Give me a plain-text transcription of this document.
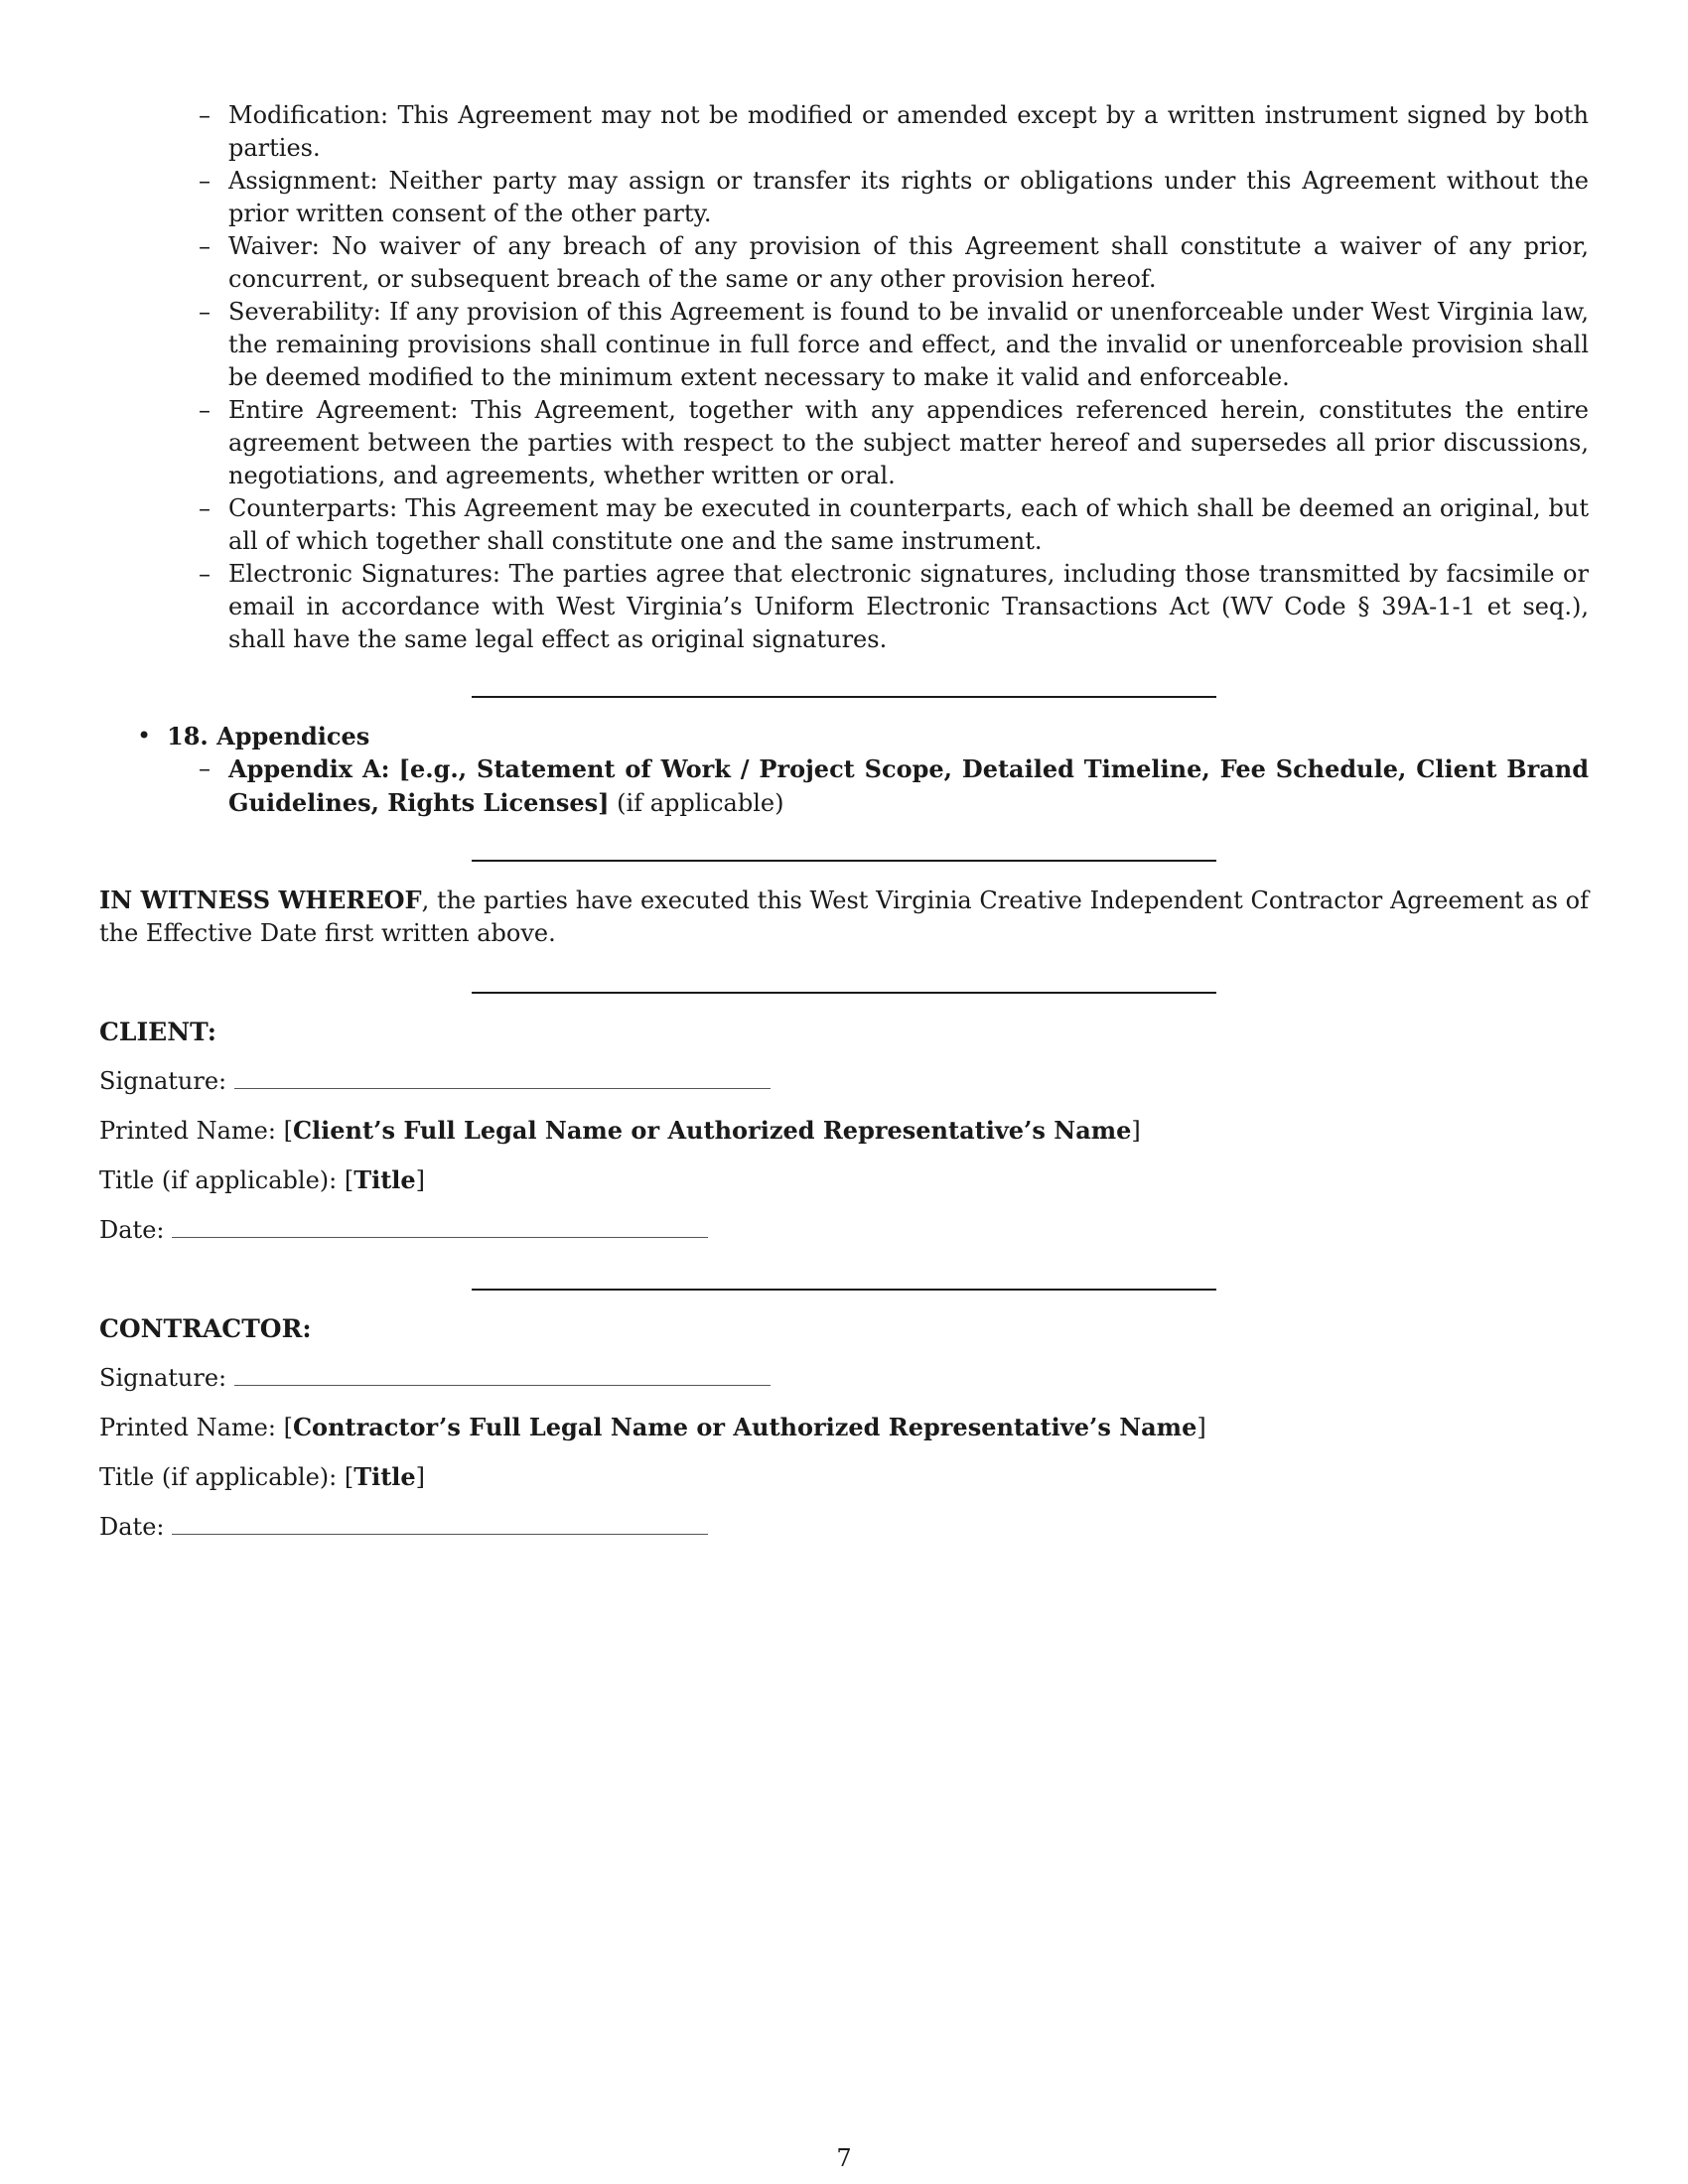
– Modification: This Agreement may not be modified or amended except by a written instrument signed by both parties.
– Assignment: Neither party may assign or transfer its rights or obligations under this Agreement without the prior written consent of the other party.
– Waiver: No waiver of any breach of any provision of this Agreement shall constitute a waiver of any prior, concurrent, or subsequent breach of the same or any other provision hereof.
– Severability: If any provision of this Agreement is found to be invalid or unenforceable under West Virginia law, the remaining provisions shall continue in full force and effect, and the invalid or unenforceable provision shall be deemed modified to the minimum extent necessary to make it valid and enforceable.
– Entire Agreement: This Agreement, together with any appendices referenced herein, constitutes the entire agreement between the parties with respect to the subject matter hereof and supersedes all prior discussions, negotiations, and agreements, whether written or oral.
– Counterparts: This Agreement may be executed in counterparts, each of which shall be deemed an original, but all of which together shall constitute one and the same instrument.
– Electronic Signatures: The parties agree that electronic signatures, including those transmitted by facsimile or email in accordance with West Virginia’s Uniform Electronic Transactions Act (WV Code § 39A-1-1 et seq.), shall have the same legal effect as original signatures.
• 18. Appendices
– Appendix A: [e.g., Statement of Work / Project Scope, Detailed Timeline, Fee Schedule, Client Brand Guidelines, Rights Licenses] (if applicable)

IN WITNESS WHEREOF, the parties have executed this West Virginia Creative Independent Contractor Agreement as of the Effective Date first written above.

CLIENT:
Signature:
Printed Name: [Client’s Full Legal Name or Authorized Representative’s Name]
Title (if applicable): [Title]
Date:
CONTRACTOR:
Signature:
Printed Name: [Contractor’s Full Legal Name or Authorized Representative’s Name]
Title (if applicable): [Title]
Date:
7
